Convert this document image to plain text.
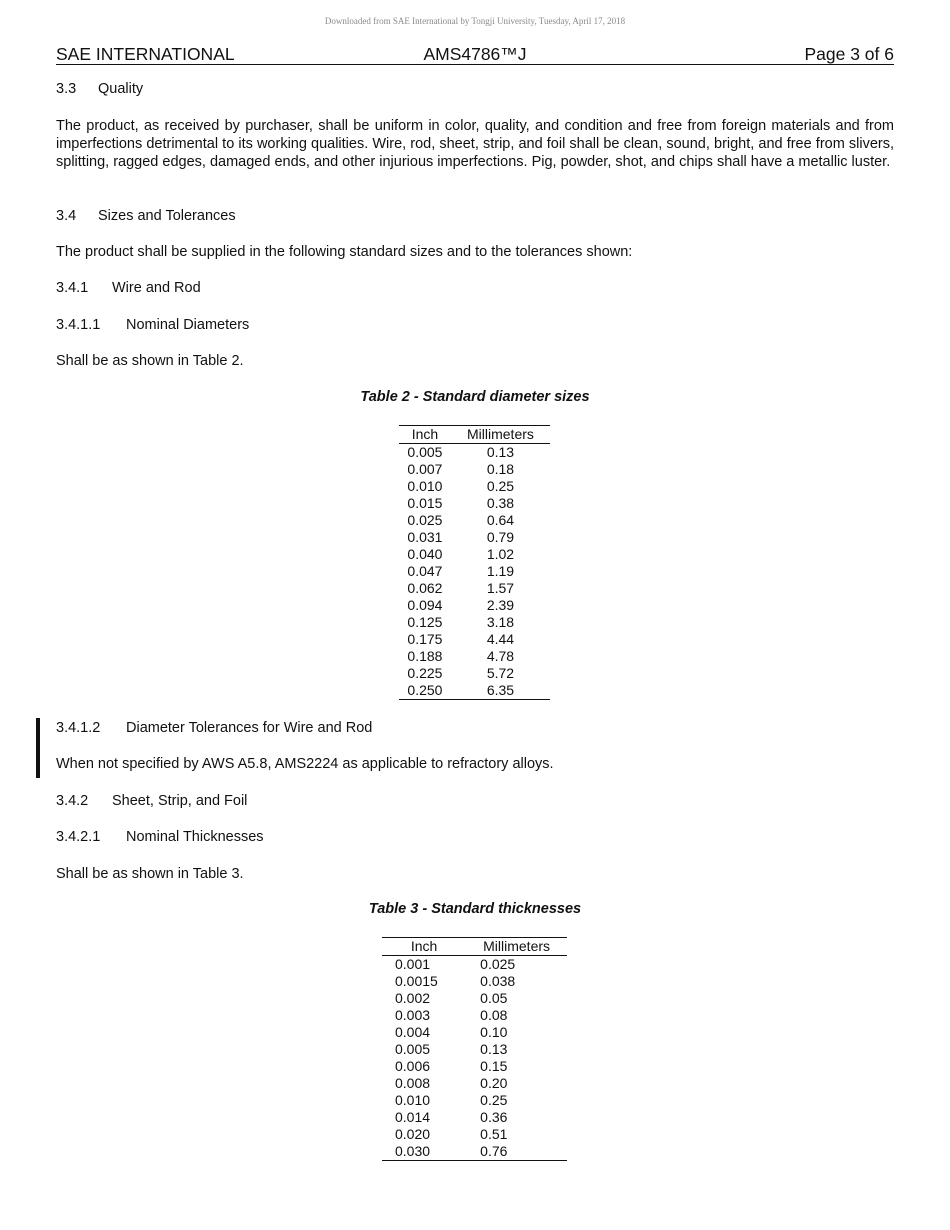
Downloaded from SAE International by Tongji University, Tuesday, April 17, 2018
SAE INTERNATIONAL	AMS4786™J	Page 3 of 6
3.3 Quality
The product, as received by purchaser, shall be uniform in color, quality, and condition and free from foreign materials and from imperfections detrimental to its working qualities. Wire, rod, sheet, strip, and foil shall be clean, sound, bright, and free from slivers, splitting, ragged edges, damaged ends, and other injurious imperfections. Pig, powder, shot, and chips shall have a metallic luster.
3.4 Sizes and Tolerances
The product shall be supplied in the following standard sizes and to the tolerances shown:
3.4.1 Wire and Rod
3.4.1.1 Nominal Diameters
Shall be as shown in Table 2.
Table 2 - Standard diameter sizes
Inch	Millimeters
0.005	0.13
0.007	0.18
0.010	0.25
0.015	0.38
0.025	0.64
0.031	0.79
0.040	1.02
0.047	1.19
0.062	1.57
0.094	2.39
0.125	3.18
0.175	4.44
0.188	4.78
0.225	5.72
0.250	6.35
3.4.1.2 Diameter Tolerances for Wire and Rod
When not specified by AWS A5.8, AMS2224 as applicable to refractory alloys.
3.4.2 Sheet, Strip, and Foil
3.4.2.1 Nominal Thicknesses
Shall be as shown in Table 3.
Table 3 - Standard thicknesses
Inch	Millimeters
0.001	0.025
0.0015	0.038
0.002	0.05
0.003	0.08
0.004	0.10
0.005	0.13
0.006	0.15
0.008	0.20
0.010	0.25
0.014	0.36
0.020	0.51
0.030	0.76
